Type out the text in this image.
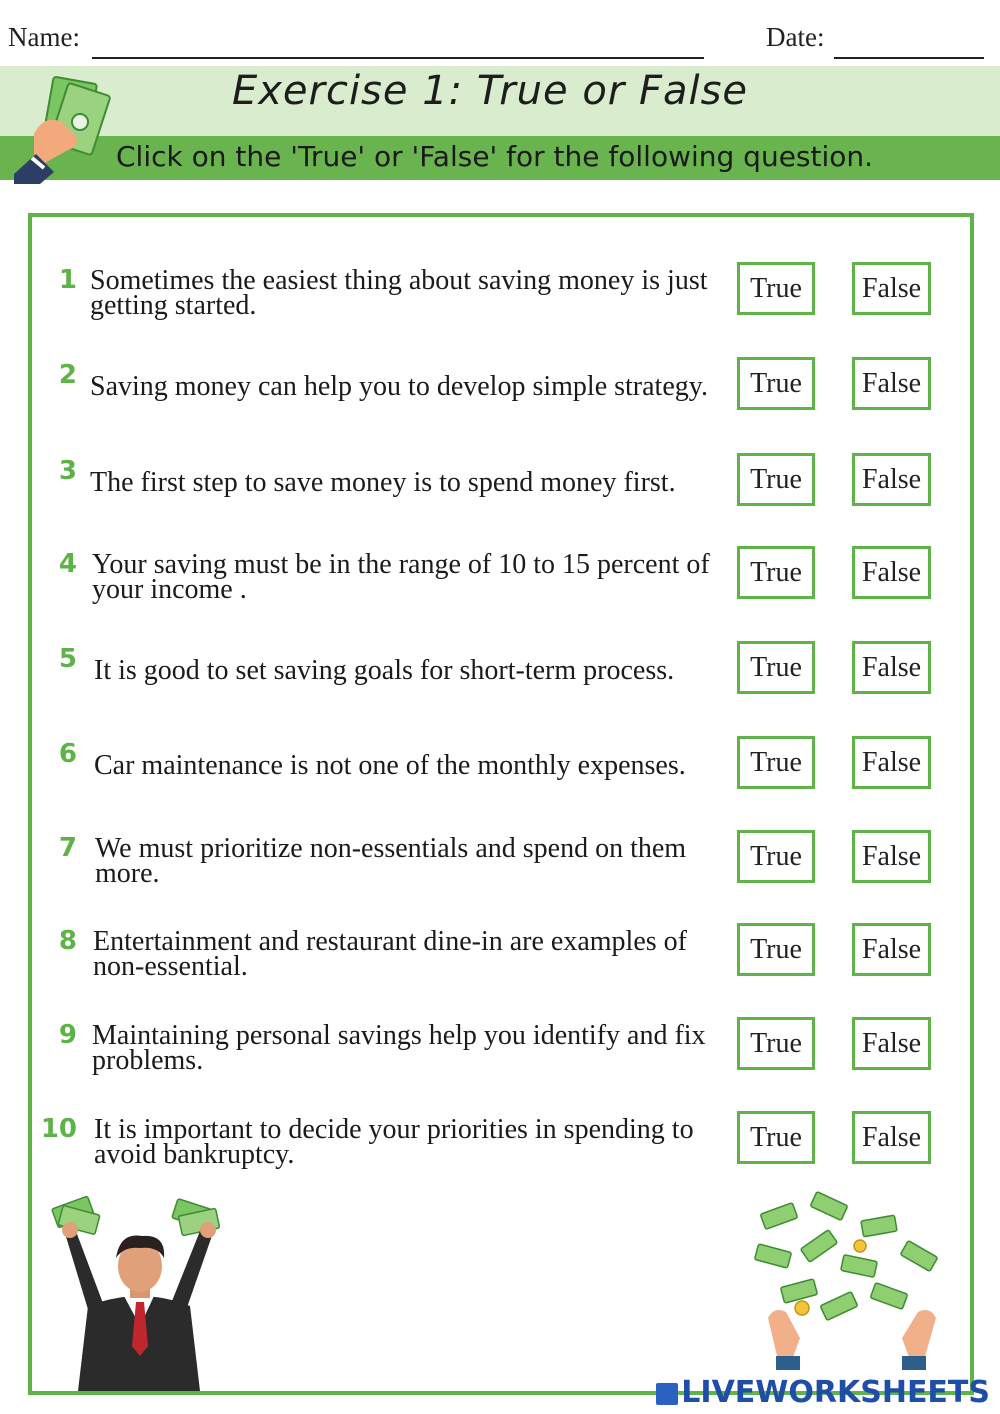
Name:	Date:
Exercise 1: True or False
Click on the 'True' or 'False' for the following question.
1 Sometimes the easiest thing about saving money is just getting started.
True	False
2 Saving money can help you to develop simple strategy.	True	False
3 The first step to save money is to spend money first.	True	False
4 Your saving must be in the range of 10 to 15 percent of your income .
True	False
5 It is good to set saving goals for short-term process.	True	False
6 Car maintenance is not one of the monthly expenses.	True	False
7 We must prioritize non-essentials and spend on them more.
True	False
8 Entertainment and restaurant dine-in are examples of non-essential.
True	False
9 Maintaining personal savings help you identify and fix problems.
True	False
10 It is important to decide your priorities in spending to avoid bankruptcy.
True	False
LIVEWORKSHEETS
